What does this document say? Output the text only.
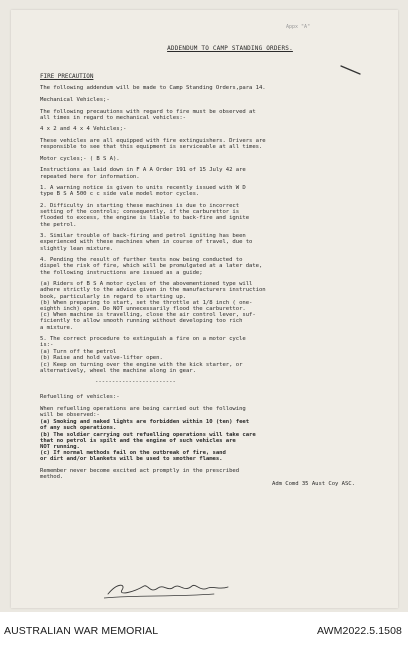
Appx "A"

ADDENDUM TO CAMP STANDING ORDERS.

FIRE PRECAUTION

The following addendum will be made to Camp Standing Orders,para 14.

Mechanical Vehicles;-

The following precautions with regard to fire must be observed at
all times in regard to mechanical vehicles:-

4 x 2 and 4 x 4 Vehicles;-

These vehicles are all equipped with fire extinguishers. Drivers are
responsible to see that this equipment is serviceable at all times.

Motor cycles;- ( B S A).

Instructions as laid down in F A A Order 191 of 15 July 42 are
repeated here for information.

1. A warning notice is given to units recently issued with W D
type B S A 500 c c side vale model motor cycles.

2. Difficulty in starting these machines is due to incorrect
setting of the controls; consequently, if the carburettor is
flooded to excess, the engine is liable to back-fire and ignite
the petrol.

3. Similar trouble of back-firing and petrol igniting has been
experienced with these machines when in course of travel, due to
slightly lean mixture.

4. Pending the result of further tests now being conducted to
dispel the risk of fire, which will be promulgated at a later date,
the following instructions are issued as a guide;

(a) Riders of B S A motor cycles of the abovementioned type will
adhere strictly to the advice given in the manufacturers instruction
book, particularly in regard to starting up.

(b) When preparing to start, set the throttle at 1/8 inch ( one-
eighth inch) open. Do NOT unnecessarily flood the carburettor.

(c) When machine is travelling, close the air control lever, suf-
ficiently to allow smooth running without developing too rich
a mixture.

5. The correct procedure to extinguish a fire on a motor cycle
is:-

(a) Turn off the petrol

(b) Raise and hold valve-lifter open.

(c) Keep on turning over the engine with the kick starter, or
alternatively, wheel the machine along in gear.

------------------------

Refuelling of vehicles:-

When refuelling operations are being carried out the following
will be observed:-

(a) Smoking and naked lights are forbidden within 10 (ten) feet
of any such operations.

(b) The soldier carrying out refuelling operations will take care
that no petrol is spilt and the engine of such vehicles are
NOT running.

(c) If normal methods fail on the outbreak of fire, sand
or dirt and/or blankets will be used to smother flames.

Remember never become excited act promptly in the prescribed
method.

Adm Comd 35 Aust Coy ASC.

AUSTRALIAN WAR MEMORIAL	AWM2022.5.1508
